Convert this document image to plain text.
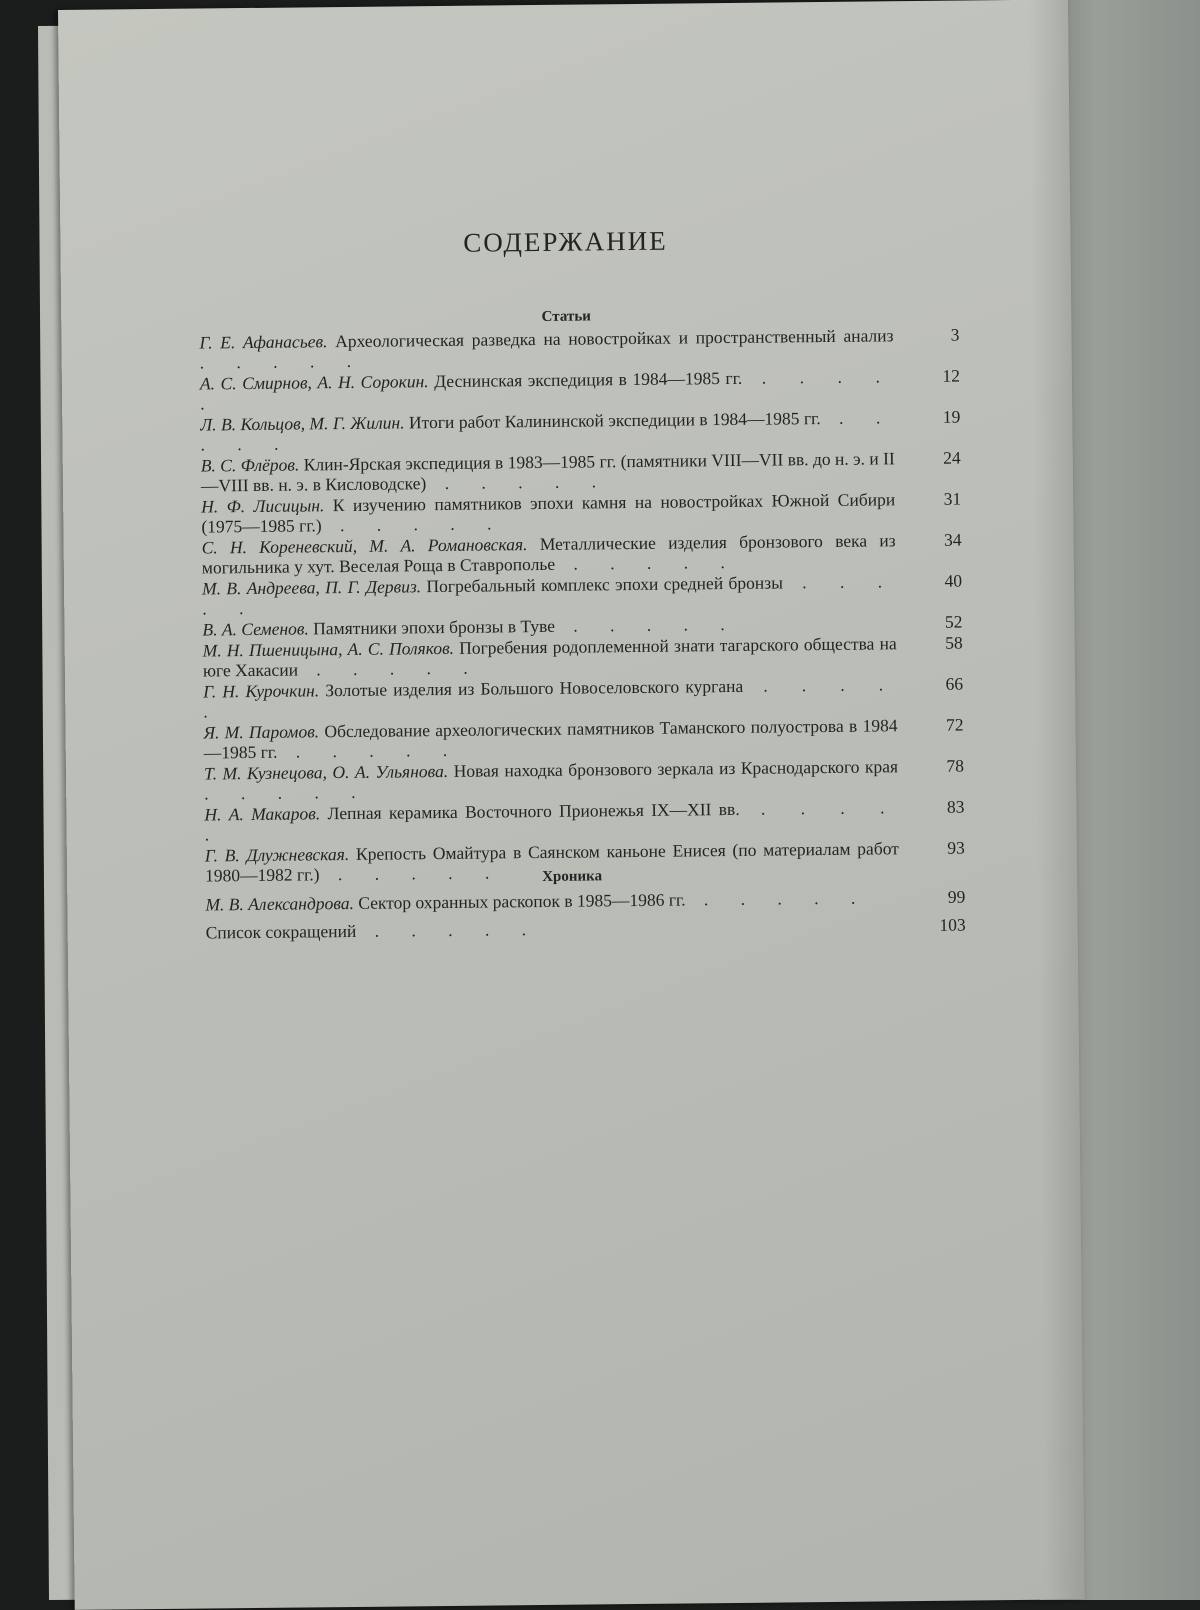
СОДЕРЖАНИЕ
Статьи
Г. Е. Афанасьев. Археологическая разведка на новостройках и пространственный анализ . . . . .
3
А. С. Смирнов, А. Н. Сорокин. Деснинская экспедиция в 1984—1985 гг. . . . . .
12
Л. В. Кольцов, М. Г. Жилин. Итоги работ Калининской экспедиции в 1984—1985 гг. . . . . .
19
В. С. Флёров. Клин-Ярская экспедиция в 1983—1985 гг. (памятники VIII—VII вв. до н. э. и II—VIII вв. н. э. в Кисловодске) . . . . .
24
Н. Ф. Лисицын. К изучению памятников эпохи камня на новостройках Южной Сибири (1975—1985 гг.) . . . . .
31
С. Н. Кореневский, М. А. Романовская. Металлические изделия бронзового века из могильника у хут. Веселая Роща в Ставрополье . . . . .
34
М. В. Андреева, П. Г. Дервиз. Погребальный комплекс эпохи средней бронзы . . . . .
40
В. А. Семенов. Памятники эпохи бронзы в Туве . . . . .	52
М. Н. Пшеницына, А. С. Поляков. Погребения родоплеменной знати тагарского общества на юге Хакасии . . . . .
58
Г. Н. Курочкин. Золотые изделия из Большого Новоселовского кургана . . . . .
66
Я. М. Паромов. Обследование археологических памятников Таманского полуострова в 1984—1985 гг. . . . . .
72
Т. М. Кузнецова, О. А. Ульянова. Новая находка бронзового зеркала из Краснодарского края . . . . .
78
Н. А. Макаров. Лепная керамика Восточного Прионежья IX—XII вв. . . . . .
83
Г. В. Длужневская. Крепость Омайтура в Саянском каньоне Енисея (по материалам работ 1980—1982 гг.) . . . . .
93
Хроника
М. В. Александрова. Сектор охранных раскопок в 1985—1986 гг. . . . . .	99
Список сокращений . . . . .	103
